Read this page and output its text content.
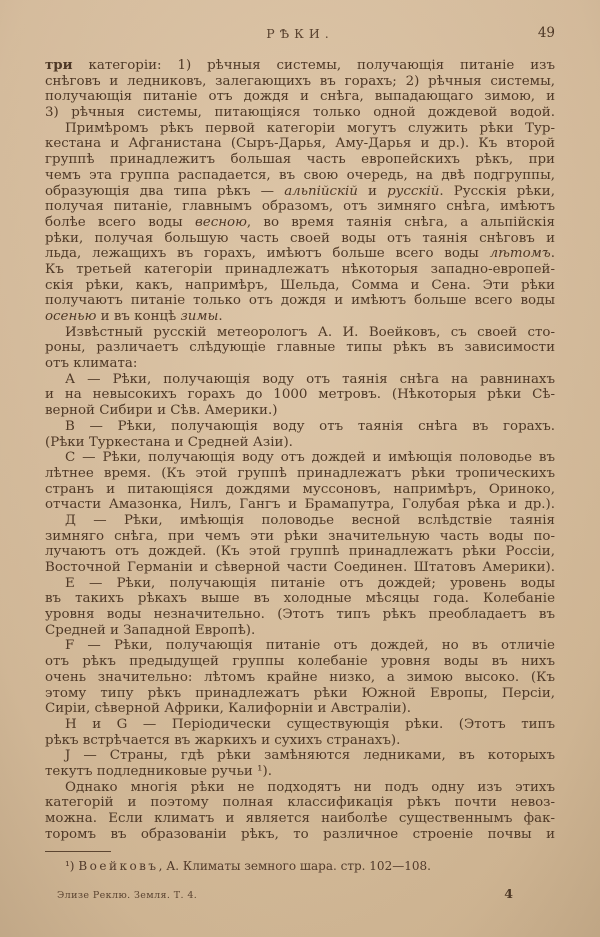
РѢКИ.	49
три категоріи: 1) рѣчныя системы, получающія питаніе изъ
снѣговъ и ледниковъ, залегающихъ въ горахъ; 2) рѣчныя системы,
получающія питаніе отъ дождя и снѣга, выпадающаго зимою, и
3) рѣчныя системы, питающіяся только одной дождевой водой.
Примѣромъ рѣкъ первой категоріи могутъ служить рѣки Тур-
кестана и Афганистана (Сыръ-Дарья, Аму-Дарья и др.). Къ второй
группѣ принадлежитъ большая часть европейскихъ рѣкъ, при
чемъ эта группа распадается, въ свою очередь, на двѣ подгруппы,
образующія два типа рѣкъ — альпійскій и русскій. Русскія рѣки,
получая питаніе, главнымъ образомъ, отъ зимняго снѣга, имѣютъ
болѣе всего воды весною, во время таянія снѣга, а альпійскія
рѣки, получая большую часть своей воды отъ таянія снѣговъ и
льда, лежащихъ въ горахъ, имѣютъ больше всего воды лѣтомъ.
Къ третьей категоріи принадлежатъ нѣкоторыя западно-европей-
скія рѣки, какъ, напримѣръ, Шельда, Сомма и Сена. Эти рѣки
получаютъ питаніе только отъ дождя и имѣютъ больше всего воды
осенью и въ концѣ зимы.
Извѣстный русскій метеорологъ А. И. Воейковъ, съ своей сто-
роны, различаетъ слѣдующіе главные типы рѣкъ въ зависимости
отъ климата:
А — Рѣки, получающія воду отъ таянія снѣга на равнинахъ
и на невысокихъ горахъ до 1000 метровъ. (Нѣкоторыя рѣки Сѣ-
верной Сибири и Сѣв. Америки.)
В — Рѣки, получающія воду отъ таянія снѣга въ горахъ.
(Рѣки Туркестана и Средней Азіи).
С — Рѣки, получающія воду отъ дождей и имѣющія половодье въ
лѣтнее время. (Къ этой группѣ принадлежатъ рѣки тропическихъ
странъ и питающіяся дождями муссоновъ, напримѣръ, Ориноко,
отчасти Амазонка, Нилъ, Гангъ и Брамапутра, Голубая рѣка и др.).
Д — Рѣки, имѣющія половодье весной вслѣдствіе таянія
зимняго снѣга, при чемъ эти рѣки значительную часть воды по-
лучаютъ отъ дождей. (Къ этой группѣ принадлежатъ рѣки Россіи,
Восточной Германіи и сѣверной части Соединен. Штатовъ Америки).
Е — Рѣки, получающія питаніе отъ дождей; уровень воды
въ такихъ рѣкахъ выше въ холодные мѣсяцы года. Колебаніе
уровня воды незначительно. (Этотъ типъ рѣкъ преобладаетъ въ
Средней и Западной Европѣ).
F — Рѣки, получающія питаніе отъ дождей, но въ отличіе
отъ рѣкъ предыдущей группы колебаніе уровня воды въ нихъ
очень значительно: лѣтомъ крайне низко, а зимою высоко. (Къ
этому типу рѣкъ принадлежатъ рѣки Южной Европы, Персіи,
Сиріи, сѣверной Африки, Калифорніи и Австраліи).
Н и G — Періодически существующія рѣки. (Этотъ типъ
рѣкъ встрѣчается въ жаркихъ и сухихъ странахъ).
J — Страны, гдѣ рѣки замѣняются ледниками, въ которыхъ
текутъ подледниковые ручьи ¹).
Однако многія рѣки не подходятъ ни подъ одну изъ этихъ
категорій и поэтому полная классификація рѣкъ почти невоз-
можна. Если климатъ и является наиболѣе существеннымъ фак-
торомъ въ образованіи рѣкъ, то различное строеніе почвы и
¹) Воейковъ, А. Климаты земного шара. стр. 102—108.
Элизе Реклю. Земля. Т. 4.	4
